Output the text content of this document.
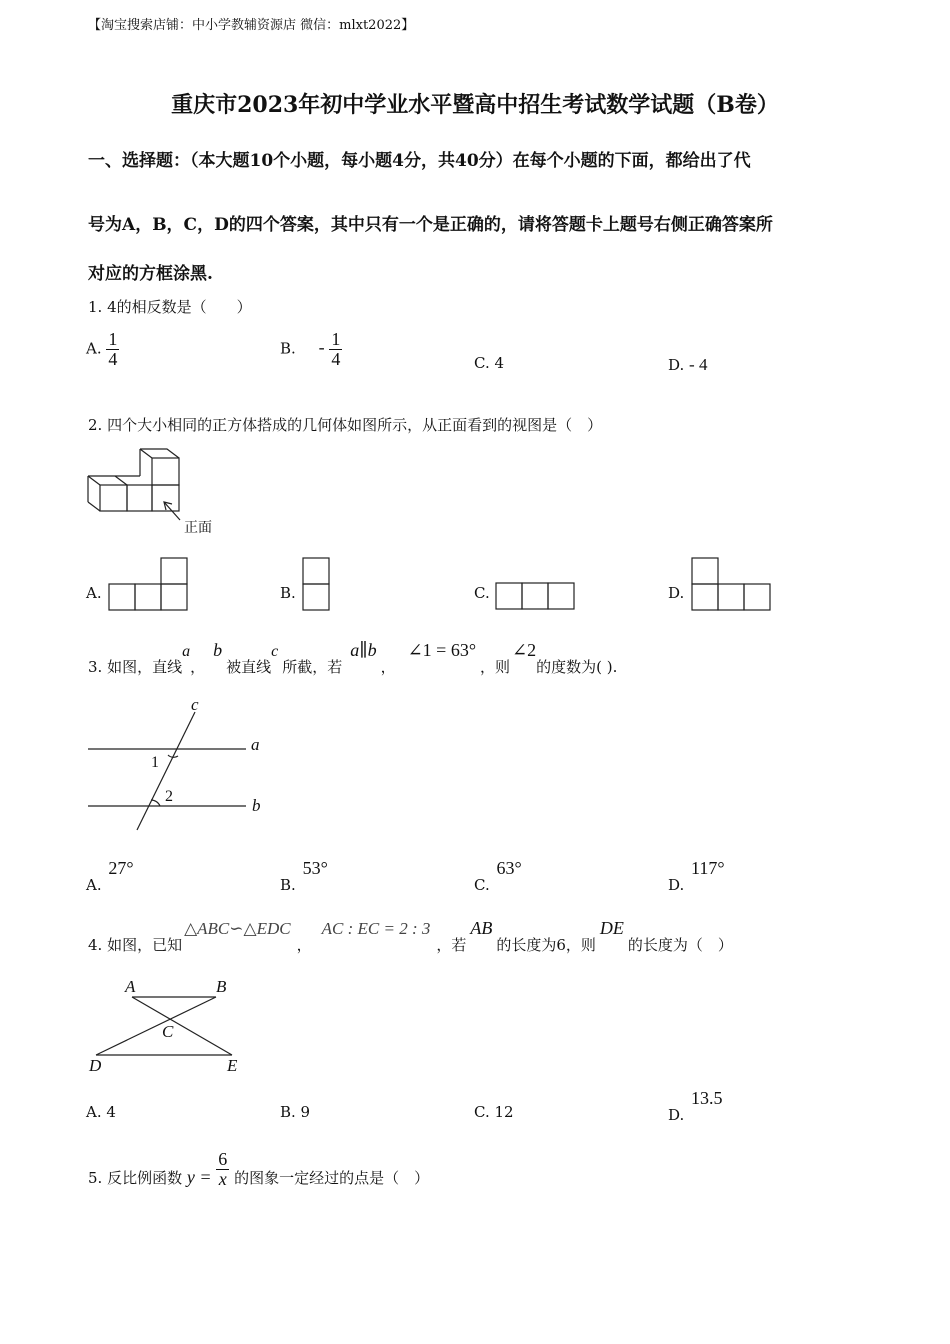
【淘宝搜索店铺：中小学教辅资源店 微信：mlxt2022】
重庆市2023年初中学业水平暨高中招生考试数学试题（B卷）
一、选择题：（本大题10个小题，每小题4分，共40分）在每个小题的下面，都给出了代
号为A，B，C，D的四个答案，其中只有一个是正确的，请将答题卡上题号右侧正确答案所
对应的方框涂黑.
1. 4的相反数是（　　）
A. $\frac{1}{4}$	B. - $\frac{1}{4}$	C. 4	D. - 4
2. 四个大小相同的正方体搭成的几何体如图所示，从正面看到的视图是（　）
正面
A.	B.	C.	D.
3. 如图，直线a，b被直线c所截，若a∥b，∠1 = 63°，则∠2的度数为( ).
c
a
b
1
2
A. 27°
B. 53°
C. 63°
D. 117°
4. 如图，已知△ABC∽△EDC，AC : EC = 2 : 3，若AB的长度为6，则DE的长度为（　）
A	B
C
D	E
A. 4	B. 9	C. 12	D. 13.5
5. 反比例函数 $y = \frac{6}{x}$ 的图象一定经过的点是（　）
